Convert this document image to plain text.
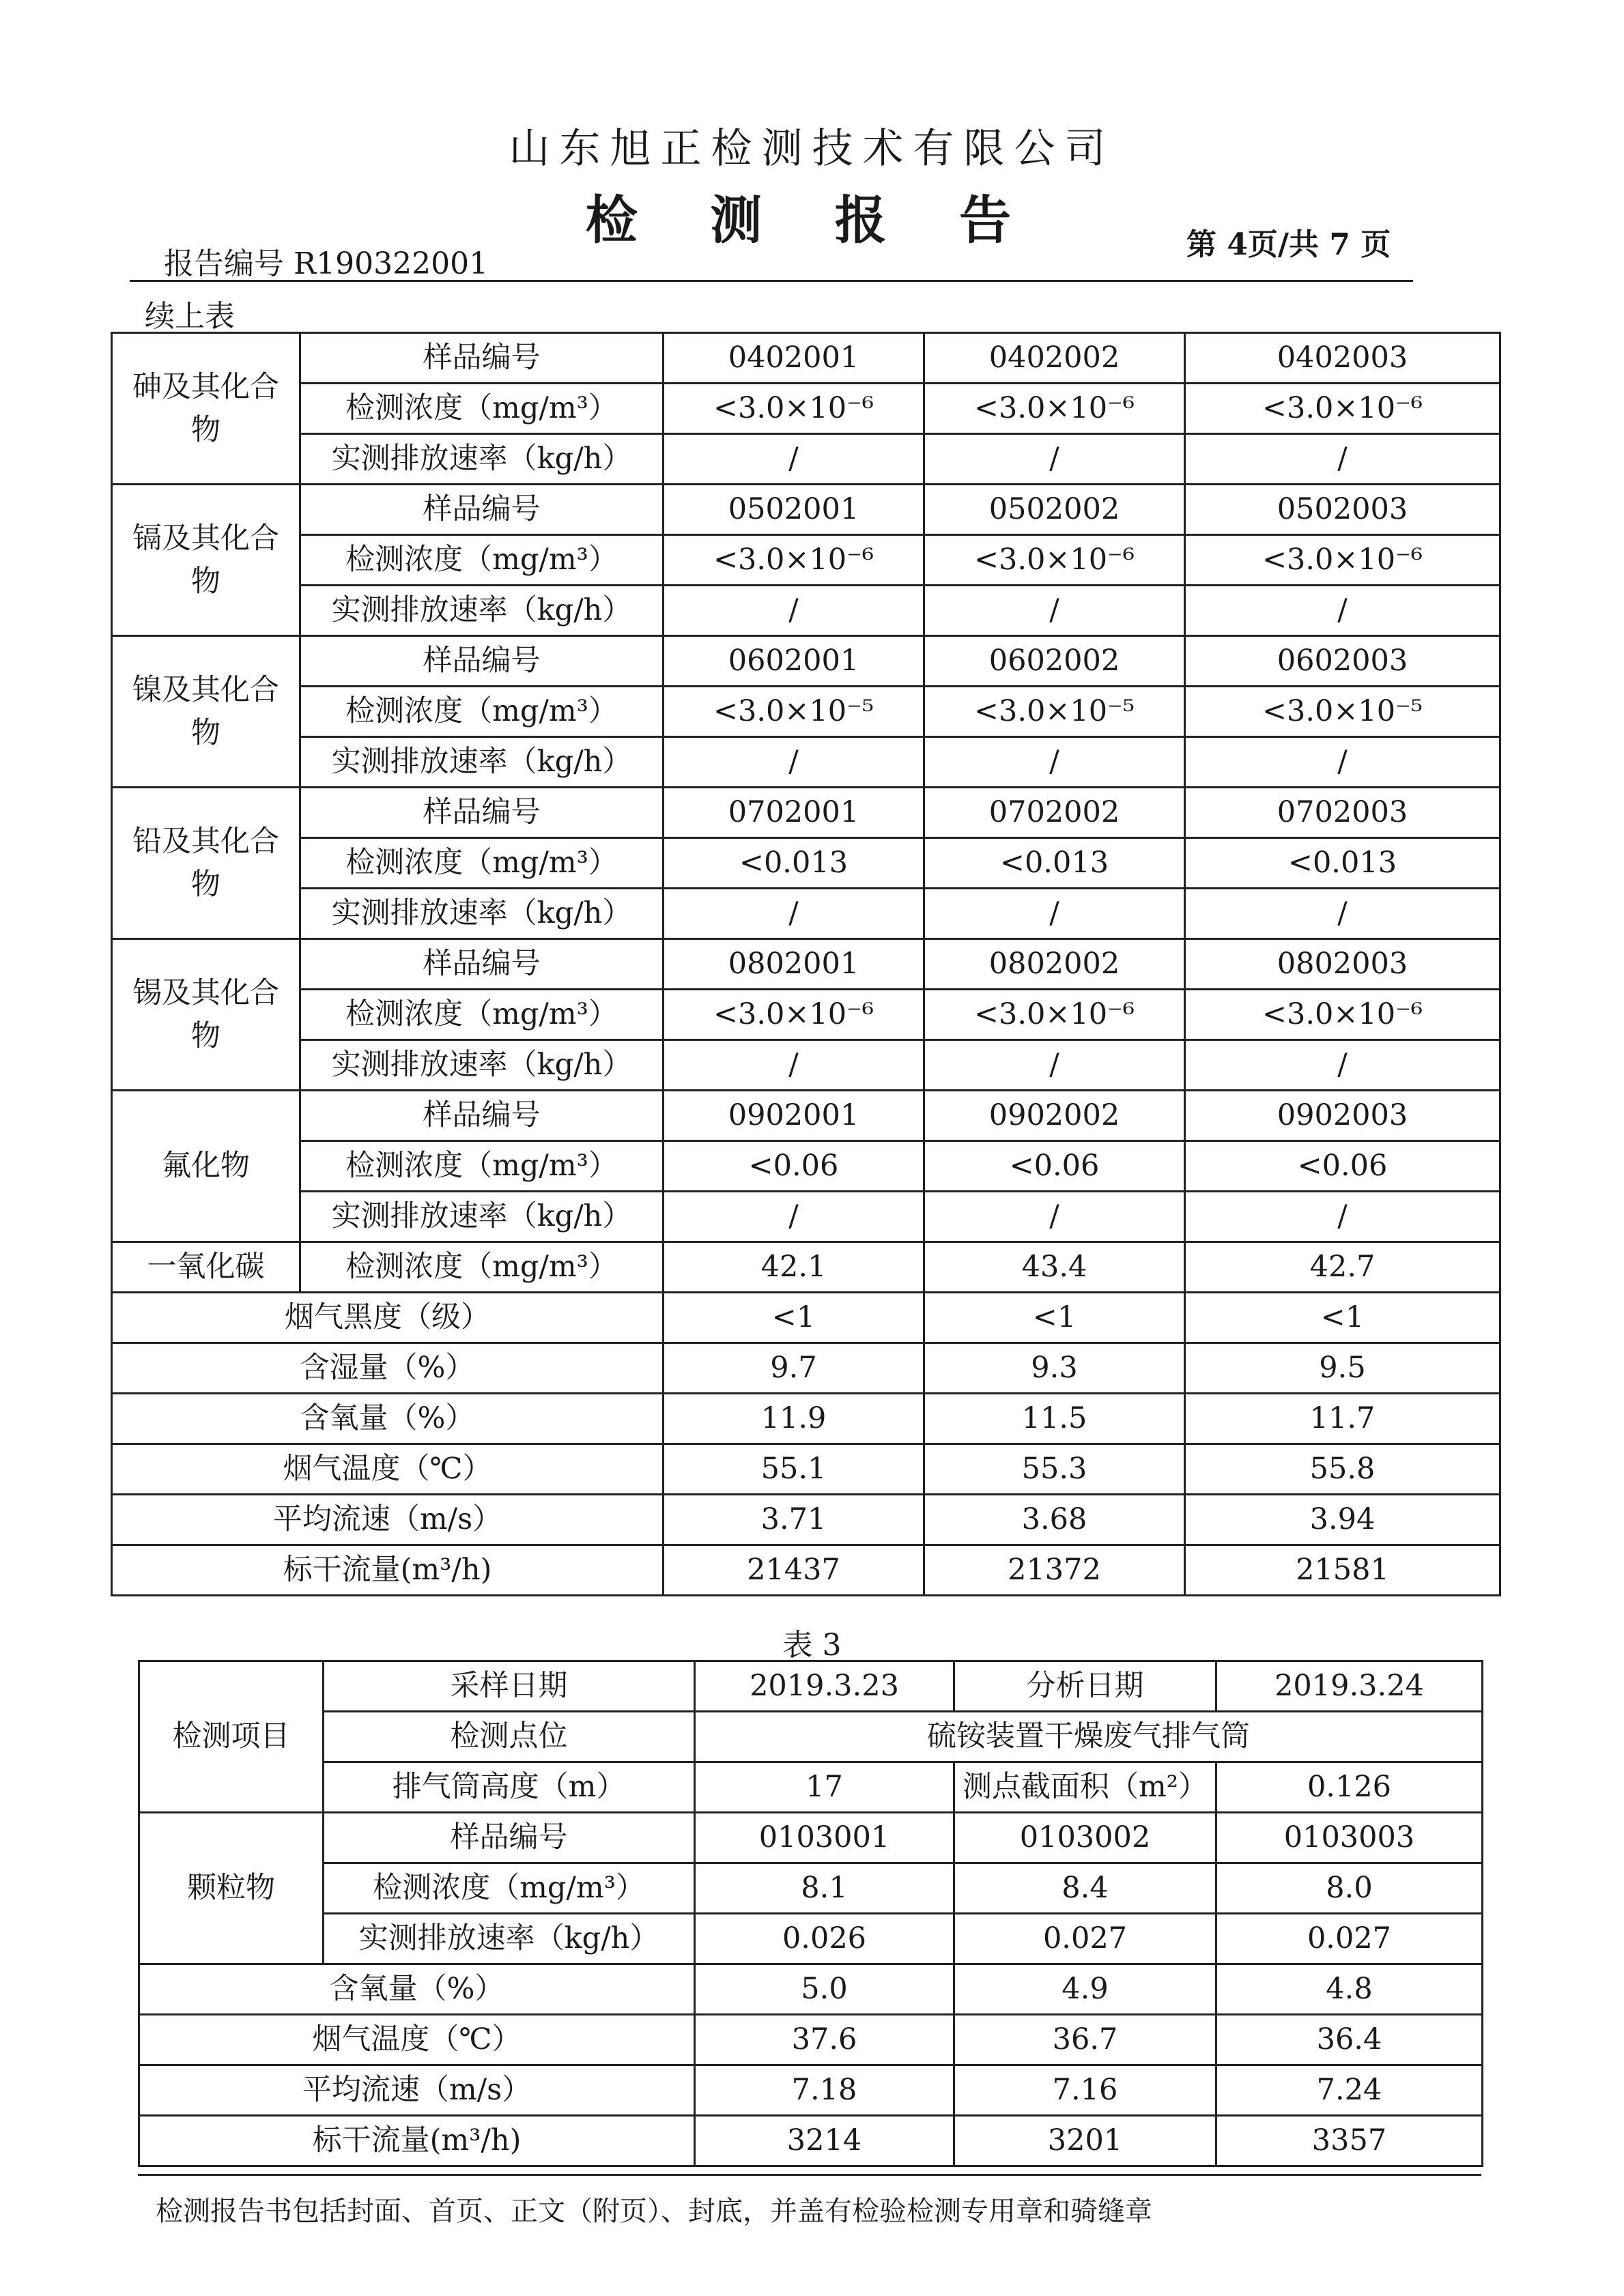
山东旭正检测技术有限公司
检 测 报 告
报告编号 R190322001
第 4页/共 7 页
续上表
砷及其化合物	样品编号	0402001	0402002	0402003
	检测浓度（mg/m³）	<3.0×10⁻⁶	<3.0×10⁻⁶	<3.0×10⁻⁶
	实测排放速率（kg/h）	/	/	/
镉及其化合物	样品编号	0502001	0502002	0502003
	检测浓度（mg/m³）	<3.0×10⁻⁶	<3.0×10⁻⁶	<3.0×10⁻⁶
	实测排放速率（kg/h）	/	/	/
镍及其化合物	样品编号	0602001	0602002	0602003
	检测浓度（mg/m³）	<3.0×10⁻⁵	<3.0×10⁻⁵	<3.0×10⁻⁵
	实测排放速率（kg/h）	/	/	/
铅及其化合物	样品编号	0702001	0702002	0702003
	检测浓度（mg/m³）	<0.013	<0.013	<0.013
	实测排放速率（kg/h）	/	/	/
锡及其化合物	样品编号	0802001	0802002	0802003
	检测浓度（mg/m³）	<3.0×10⁻⁶	<3.0×10⁻⁶	<3.0×10⁻⁶
	实测排放速率（kg/h）	/	/	/
氟化物	样品编号	0902001	0902002	0902003
	检测浓度（mg/m³）	<0.06	<0.06	<0.06
	实测排放速率（kg/h）	/	/	/
一氧化碳	检测浓度（mg/m³）	42.1	43.4	42.7
烟气黑度（级）		<1	<1	<1
含湿量（%）		9.7	9.3	9.5
含氧量（%）		11.9	11.5	11.7
烟气温度（℃）		55.1	55.3	55.8
平均流速（m/s）		3.71	3.68	3.94
标干流量(m³/h)		21437	21372	21581
表 3
检测项目	采样日期	2019.3.23	分析日期	2019.3.24
	检测点位	硫铵装置干燥废气排气筒		
	排气筒高度（m）	17	测点截面积（m²）	0.126
颗粒物	样品编号	0103001	0103002	0103003
	检测浓度（mg/m³）	8.1	8.4	8.0
	实测排放速率（kg/h）	0.026	0.027	0.027
含氧量（%）		5.0	4.9	4.8
烟气温度（℃）		37.6	36.7	36.4
平均流速（m/s）		7.18	7.16	7.24
标干流量(m³/h)		3214	3201	3357
检测报告书包括封面、首页、正文（附页）、封底，并盖有检验检测专用章和骑缝章
